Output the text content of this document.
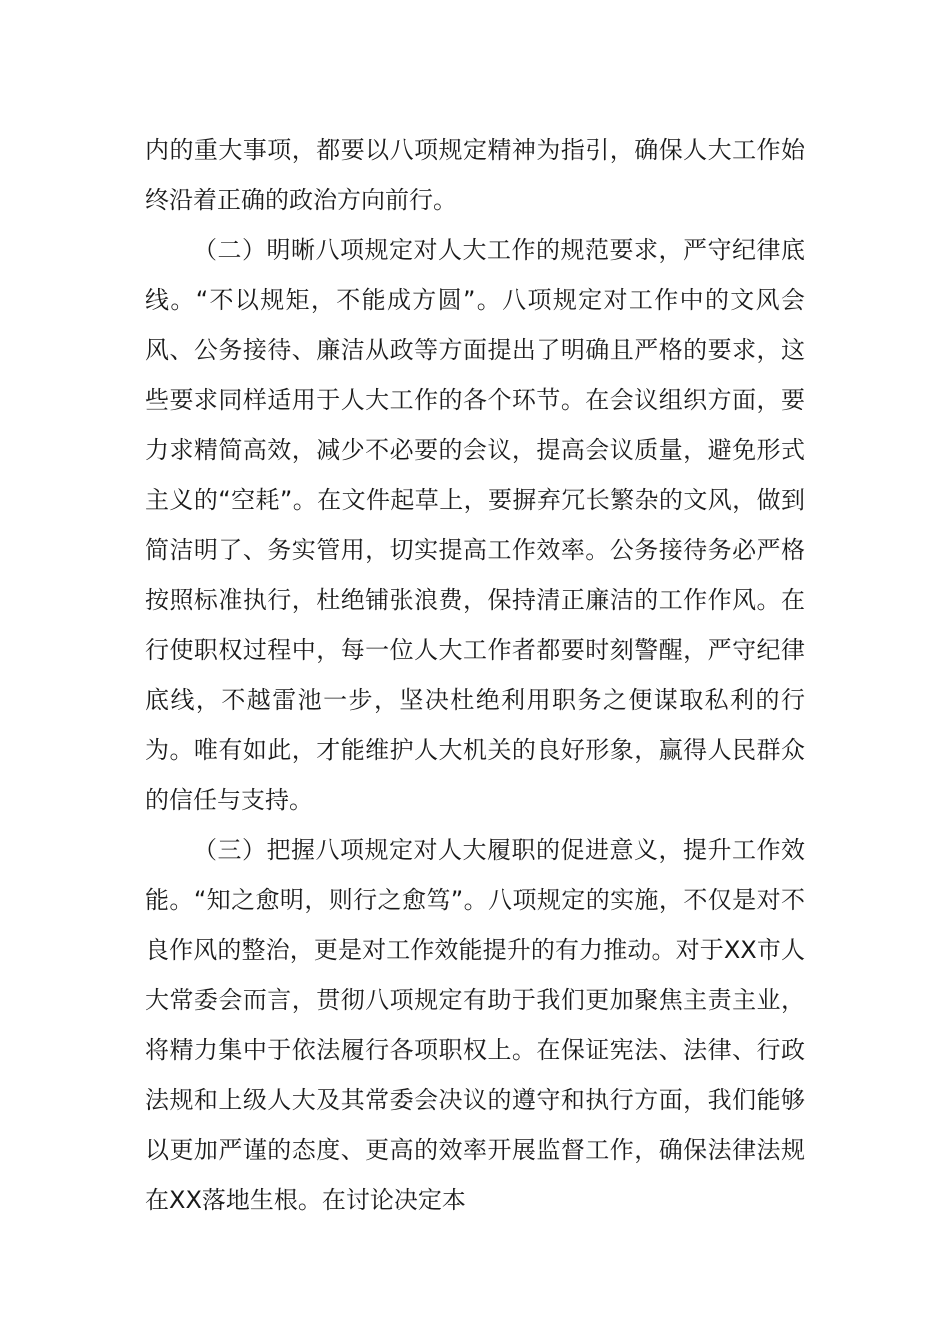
内的重大事项，都要以八项规定精神为指引，确保人大工作始终沿着正确的政治方向前行。

（二）明晰八项规定对人大工作的规范要求，严守纪律底线。“不以规矩，不能成方圆”。八项规定对工作中的文风会风、公务接待、廉洁从政等方面提出了明确且严格的要求，这些要求同样适用于人大工作的各个环节。在会议组织方面，要力求精简高效，减少不必要的会议，提高会议质量，避免形式主义的“空耗”。在文件起草上，要摒弃冗长繁杂的文风，做到简洁明了、务实管用，切实提高工作效率。公务接待务必严格按照标准执行，杜绝铺张浪费，保持清正廉洁的工作作风。在行使职权过程中，每一位人大工作者都要时刻警醒，严守纪律底线，不越雷池一步，坚决杜绝利用职务之便谋取私利的行为。唯有如此，才能维护人大机关的良好形象，赢得人民群众的信任与支持。

（三）把握八项规定对人大履职的促进意义，提升工作效能。“知之愈明，则行之愈笃”。八项规定的实施，不仅是对不良作风的整治，更是对工作效能提升的有力推动。对于XX市人大常委会而言，贯彻八项规定有助于我们更加聚焦主责主业，将精力集中于依法履行各项职权上。在保证宪法、法律、行政法规和上级人大及其常委会决议的遵守和执行方面，我们能够以更加严谨的态度、更高的效率开展监督工作，确保法律法规在XX落地生根。在讨论决定本
